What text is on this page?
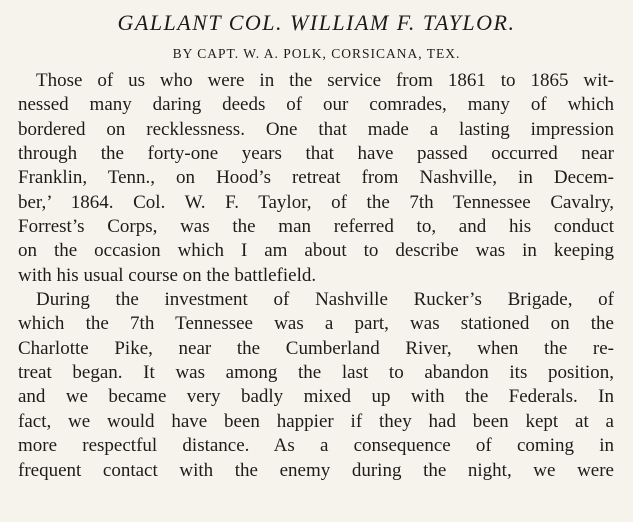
GALLANT COL. WILLIAM F. TAYLOR.
BY CAPT. W. A. POLK, CORSICANA, TEX.
Those of us who were in the service from 1861 to 1865 wit-
nessed many daring deeds of our comrades, many of which
bordered on recklessness. One that made a lasting impression
through the forty-one years that have passed occurred near
Franklin, Tenn., on Hood’s retreat from Nashville, in Decem-
ber,’ 1864. Col. W. F. Taylor, of the 7th Tennessee Cavalry,
Forrest’s Corps, was the man referred to, and his conduct
on the occasion which I am about to describe was in keeping
with his usual course on the battlefield.
During the investment of Nashville Rucker’s Brigade, of
which the 7th Tennessee was a part, was stationed on the
Charlotte Pike, near the Cumberland River, when the re-
treat began. It was among the last to abandon its position,
and we became very badly mixed up with the Federals. In
fact, we would have been happier if they had been kept at a
more respectful distance. As a consequence of coming in
frequent contact with the enemy during the night, we were
